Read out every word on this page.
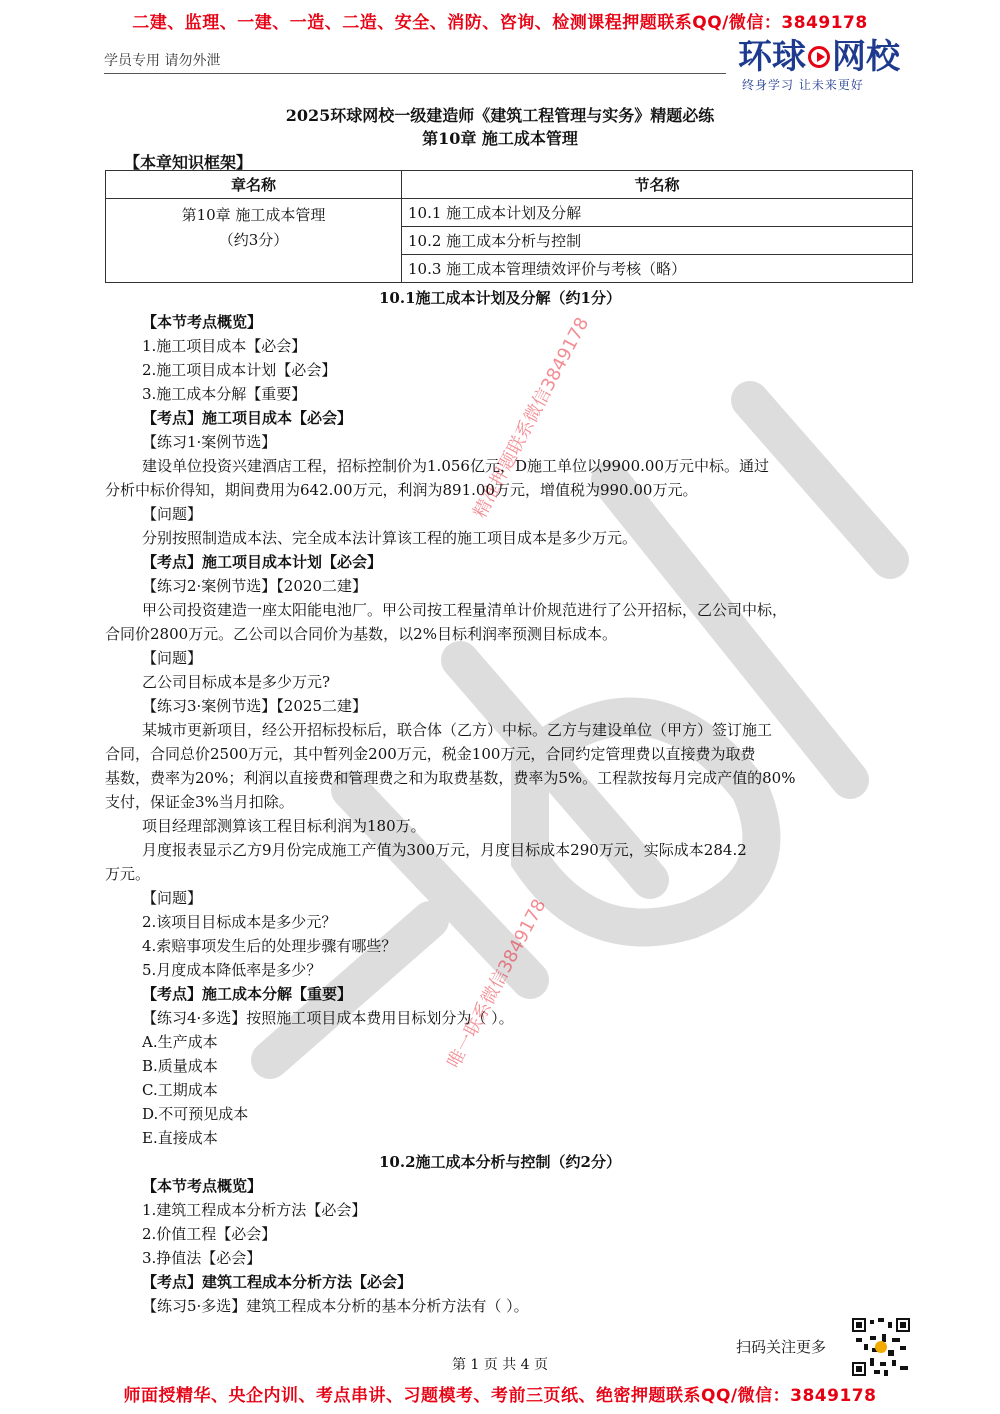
二建、监理、一建、一造、二造、安全、消防、咨询、检测课程押题联系QQ/微信：3849178
学员专用 请勿外泄	环球 网校
终身学习 让未来更好
2025环球网校一级建造师《建筑工程管理与实务》精题必练
第10章 施工成本管理
【本章知识框架】
章名称	节名称

第10章 施工成本管理
（约3分）	10.1 施工成本计划及分解
	10.2 施工成本分析与控制
	10.3 施工成本管理绩效评价与考核（略）
精准押题联系微信3849178
唯一联系微信3849178
10.1施工成本计划及分解（约1分）
【本节考点概览】
1.施工项目成本【必会】
2.施工项目成本计划【必会】
3.施工成本分解【重要】
【考点】施工项目成本【必会】
【练习1·案例节选】
建设单位投资兴建酒店工程，招标控制价为1.056亿元，D施工单位以9900.00万元中标。通过
分析中标价得知，期间费用为642.00万元，利润为891.00万元，增值税为990.00万元。
【问题】
分别按照制造成本法、完全成本法计算该工程的施工项目成本是多少万元。
【考点】施工项目成本计划【必会】
【练习2·案例节选】【2020二建】
甲公司投资建造一座太阳能电池厂。甲公司按工程量清单计价规范进行了公开招标，乙公司中标，
合同价2800万元。乙公司以合同价为基数，以2%目标利润率预测目标成本。
【问题】
乙公司目标成本是多少万元?
【练习3·案例节选】【2025二建】
某城市更新项目，经公开招标投标后，联合体（乙方）中标。乙方与建设单位（甲方）签订施工
合同，合同总价2500万元，其中暂列金200万元，税金100万元，合同约定管理费以直接费为取费
基数，费率为20%；利润以直接费和管理费之和为取费基数，费率为5%。工程款按每月完成产值的80%
支付，保证金3%当月扣除。
项目经理部测算该工程目标利润为180万。
月度报表显示乙方9月份完成施工产值为300万元，月度目标成本290万元，实际成本284.2
万元。
【问题】
2.该项目目标成本是多少元？
4.索赔事项发生后的处理步骤有哪些？
5.月度成本降低率是多少？
【考点】施工成本分解【重要】
【练习4·多选】按照施工项目成本费用目标划分为（ ）。
A.生产成本
B.质量成本
C.工期成本
D.不可预见成本
E.直接成本
10.2施工成本分析与控制（约2分）
【本节考点概览】
1.建筑工程成本分析方法【必会】
2.价值工程【必会】
3.挣值法【必会】
【考点】建筑工程成本分析方法【必会】
【练习5·多选】建筑工程成本分析的基本分析方法有（ ）。
扫码关注更多
第 1 页 共 4 页
师面授精华、央企内训、考点串讲、习题模考、考前三页纸、绝密押题联系QQ/微信：3849178
